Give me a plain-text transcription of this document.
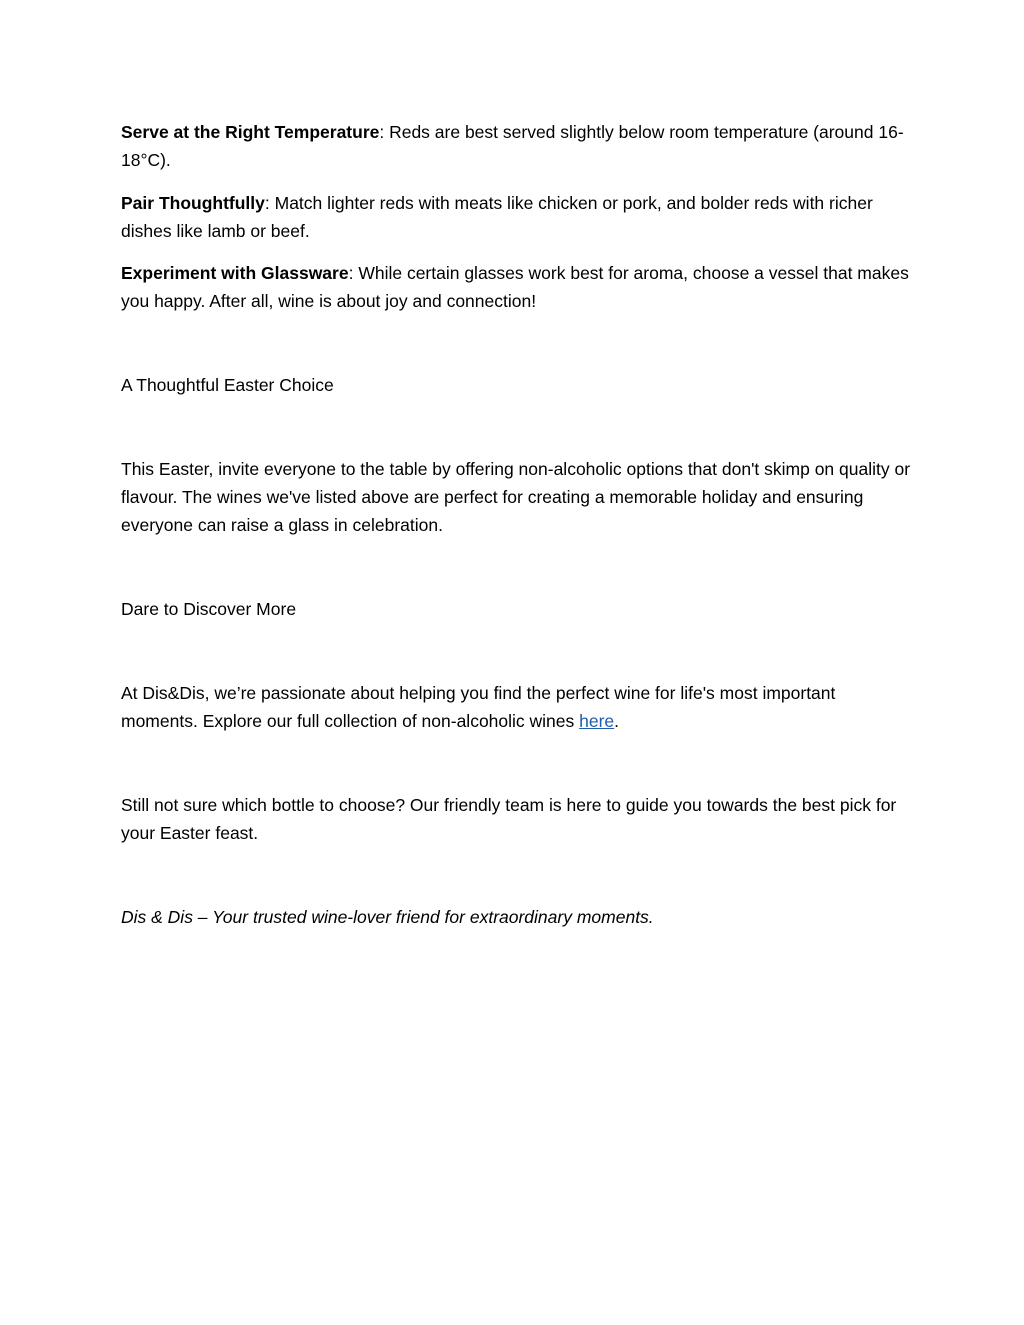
Serve at the Right Temperature: Reds are best served slightly below room temperature (around 16-18°C).

Pair Thoughtfully: Match lighter reds with meats like chicken or pork, and bolder reds with richer dishes like lamb or beef.

Experiment with Glassware: While certain glasses work best for aroma, choose a vessel that makes you happy. After all, wine is about joy and connection!

A Thoughtful Easter Choice

This Easter, invite everyone to the table by offering non-alcoholic options that don't skimp on quality or flavour. The wines we've listed above are perfect for creating a memorable holiday and ensuring everyone can raise a glass in celebration.

Dare to Discover More

At Dis&Dis, we’re passionate about helping you find the perfect wine for life's most important moments. Explore our full collection of non-alcoholic wines here.

Still not sure which bottle to choose? Our friendly team is here to guide you towards the best pick for your Easter feast.

Dis & Dis – Your trusted wine-lover friend for extraordinary moments.
